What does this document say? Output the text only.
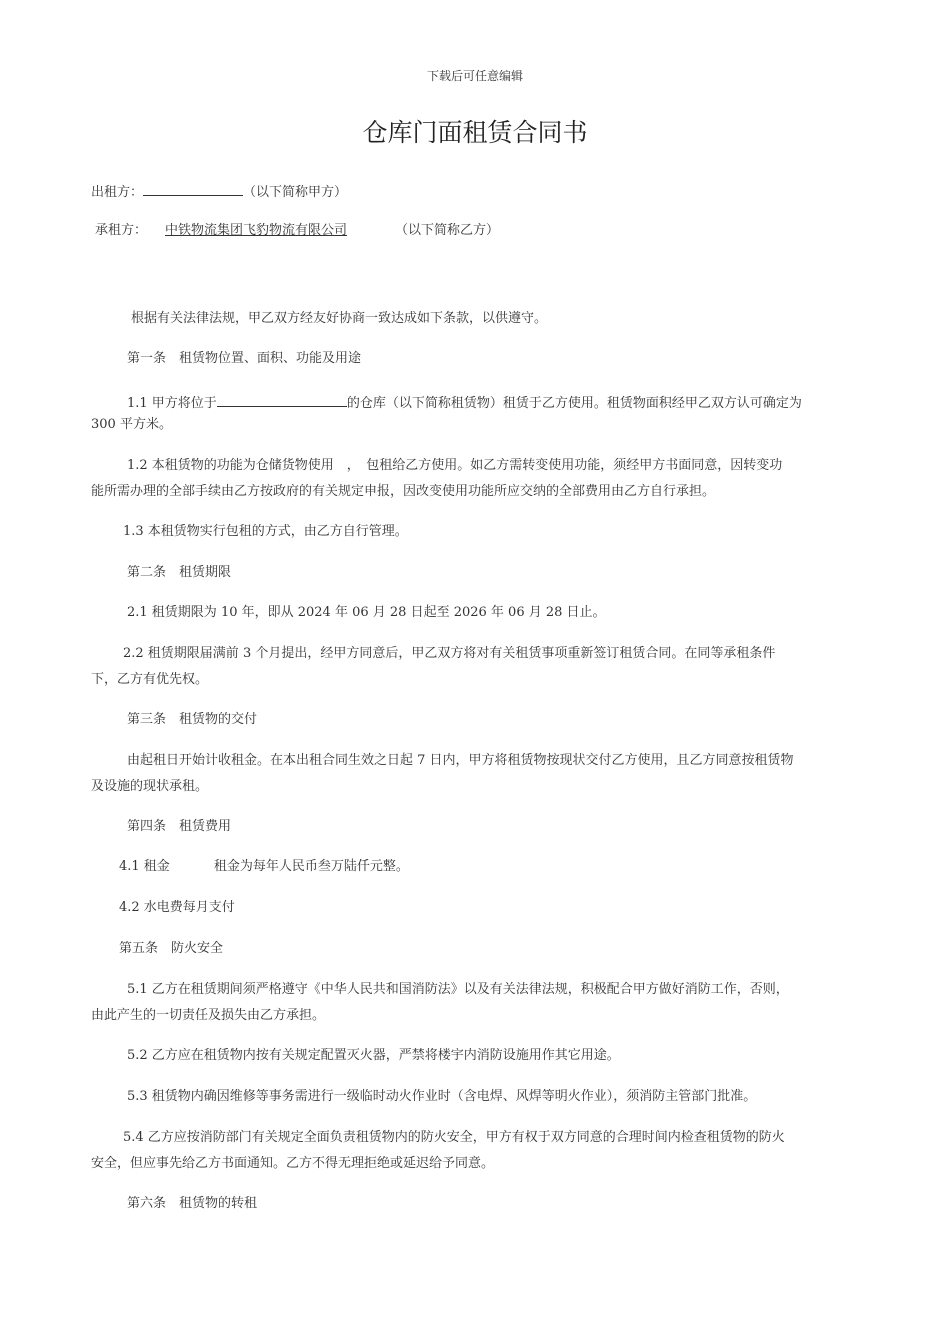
下载后可任意编辑
仓库门面租赁合同书
出租方：	（以下简称甲方）
承租方： 中铁物流集团飞豹物流有限公司	（以下简称乙方）
根据有关法律法规，甲乙双方经友好协商一致达成如下条款，以供遵守。
第一条　租赁物位置、面积、功能及用途
1.1 甲方将位于	的仓库（以下简称租赁物）租赁于乙方使用。租赁物面积经甲乙双方认可确定为
300 平方米。
1.2 本租赁物的功能为仓储货物使用　，　包租给乙方使用。如乙方需转变使用功能，须经甲方书面同意，因转变功
能所需办理的全部手续由乙方按政府的有关规定申报，因改变使用功能所应交纳的全部费用由乙方自行承担。
1.3 本租赁物实行包租的方式，由乙方自行管理。
第二条　租赁期限
2.1 租赁期限为 10 年，即从 2024 年 06 月 28 日起至 2026 年 06 月 28 日止。
2.2 租赁期限届满前 3 个月提出，经甲方同意后，甲乙双方将对有关租赁事项重新签订租赁合同。在同等承租条件
下，乙方有优先权。
第三条　租赁物的交付
由起租日开始计收租金。在本出租合同生效之日起 7 日内，甲方将租赁物按现状交付乙方使用，且乙方同意按租赁物
及设施的现状承租。
第四条　租赁费用
4.1 租金	租金为每年人民币叁万陆仟元整。
4.2 水电费每月支付
第五条　防火安全
5.1 乙方在租赁期间须严格遵守《中华人民共和国消防法》以及有关法律法规，积极配合甲方做好消防工作，否则，
由此产生的一切责任及损失由乙方承担。
5.2 乙方应在租赁物内按有关规定配置灭火器，严禁将楼宇内消防设施用作其它用途。
5.3 租赁物内确因维修等事务需进行一级临时动火作业时（含电焊、风焊等明火作业），须消防主管部门批准。
5.4 乙方应按消防部门有关规定全面负责租赁物内的防火安全，甲方有权于双方同意的合理时间内检查租赁物的防火
安全，但应事先给乙方书面通知。乙方不得无理拒绝或延迟给予同意。
第六条　租赁物的转租
